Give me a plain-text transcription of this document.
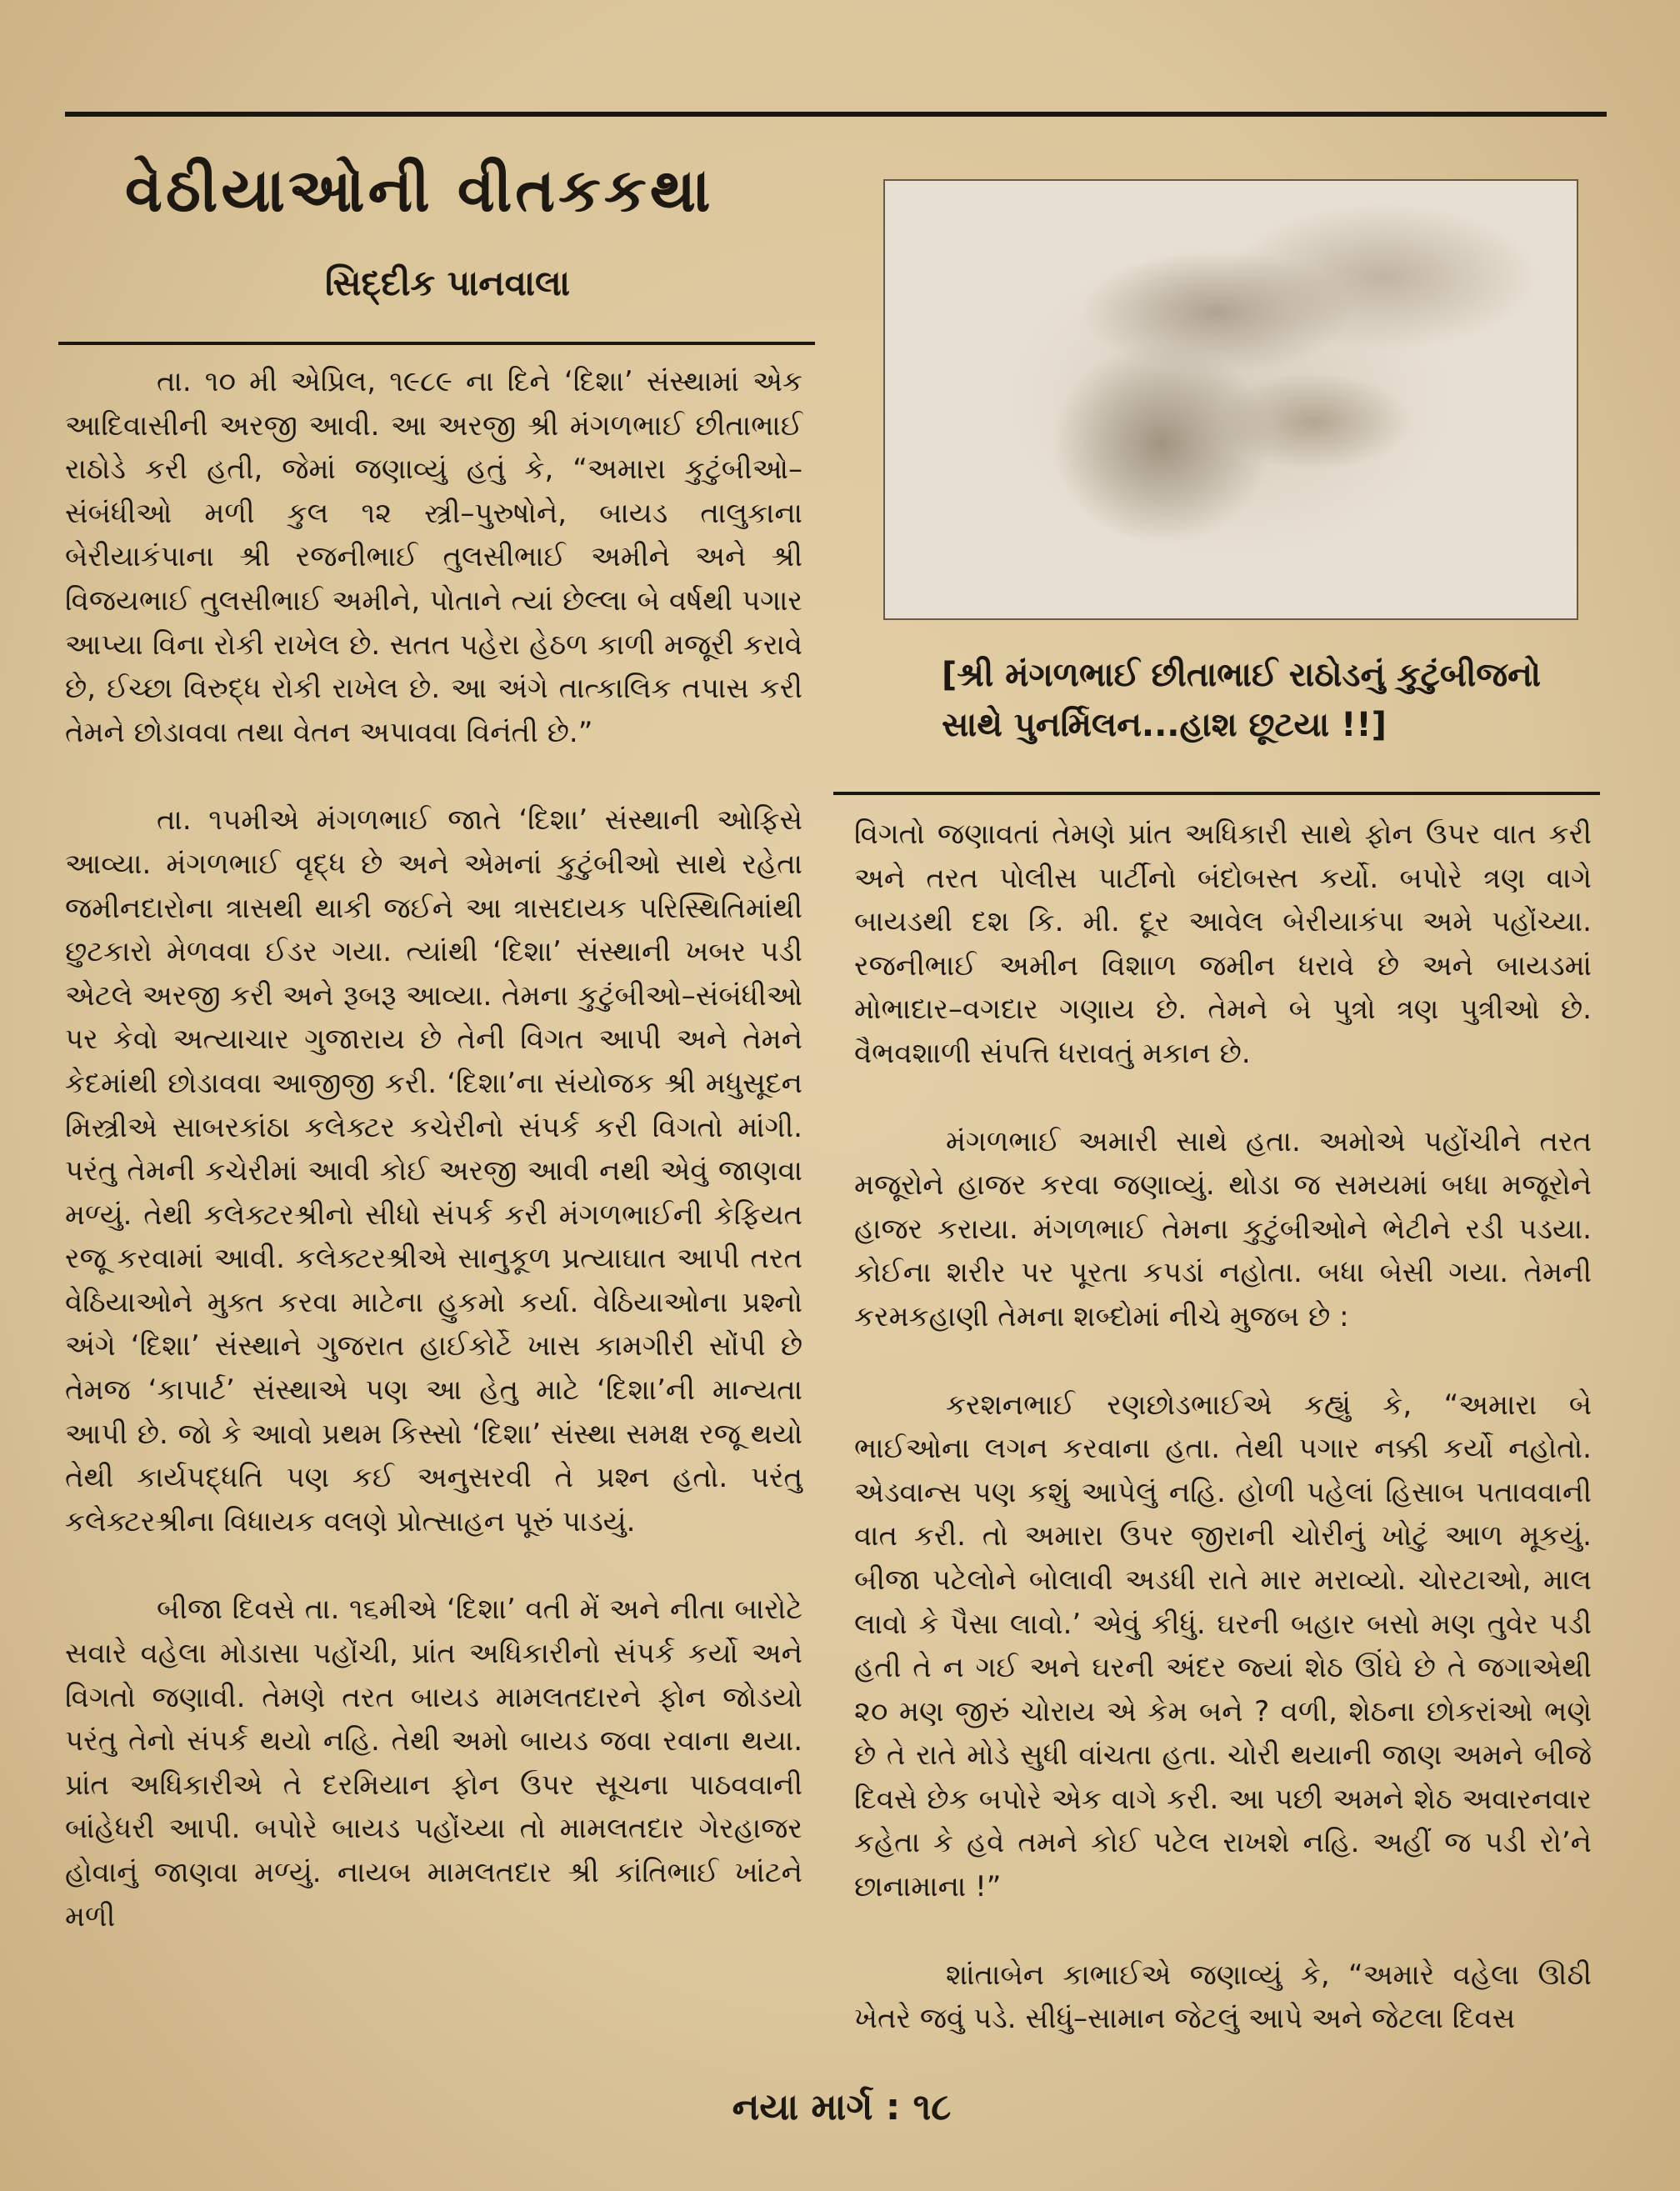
વેઠીયાઓની વીતકકથા
સિદ્દીક પાનવાલા
[શ્રી મંગળભાઈ છીતાભાઈ રાઠોડનું કુટુંબીજનો સાથે પુનર્મિલન...હાશ છૂટયા !!]

તા. ૧૦ મી એપ્રિલ, ૧૯૮૯ ના દિને ‘દિશા’ સંસ્થામાં એક આદિવાસીની અરજી આવી. આ અરજી શ્રી મંગળભાઈ છીતાભાઈ રાઠોડે કરી હતી, જેમાં જણાવ્યું હતું કે, “અમારા કુટુંબીઓ–સંબંધીઓ મળી કુલ ૧૨ સ્ત્રી–પુરુષોને, બાયડ તાલુકાના બેરીયાકંપાના શ્રી રજનીભાઈ તુલસીભાઈ અમીને અને શ્રી વિજયભાઈ તુલસીભાઈ અમીને, પોતાને ત્યાં છેલ્લા બે વર્ષથી પગાર આપ્યા વિના રોકી રાખેલ છે. સતત પહેરા હેઠળ કાળી મજૂરી કરાવે છે, ઈચ્છા વિરુદ્ધ રોકી રાખેલ છે. આ અંગે તાત્કાલિક તપાસ કરી તેમને છોડાવવા તથા વેતન અપાવવા વિનંતી છે.”

તા. ૧૫મીએ મંગળભાઈ જાતે ‘દિશા’ સંસ્થાની ઓફિસે આવ્યા. મંગળભાઈ વૃદ્ધ છે અને એમનાં કુટુંબીઓ સાથે રહેતા જમીનદારોના ત્રાસથી થાકી જઈને આ ત્રાસદાયક પરિસ્થિતિમાંથી છુટકારો મેળવવા ઈડર ગયા. ત્યાંથી ‘દિશા’ સંસ્થાની ખબર પડી એટલે અરજી કરી અને રૂબરૂ આવ્યા. તેમના કુટુંબીઓ–સંબંધીઓ પર કેવો અત્યાચાર ગુજારાય છે તેની વિગત આપી અને તેમને કેદમાંથી છોડાવવા આજીજી કરી. ‘દિશા’ના સંયોજક શ્રી મધુસૂદન મિસ્ત્રીએ સાબરકાંઠા કલેક્ટર કચેરીનો સંપર્ક કરી વિગતો માંગી. પરંતુ તેમની કચેરીમાં આવી કોઈ અરજી આવી નથી એવું જાણવા મળ્યું. તેથી કલેક્ટરશ્રીનો સીધો સંપર્ક કરી મંગળભાઈની કેફિયત રજૂ કરવામાં આવી. કલેક્ટરશ્રીએ સાનુકૂળ પ્રત્યાઘાત આપી તરત વેઠિયાઓને મુક્ત કરવા માટેના હુકમો કર્યા. વેઠિયાઓના પ્રશ્નો અંગે ‘દિશા’ સંસ્થાને ગુજરાત હાઈકોર્ટે ખાસ કામગીરી સોંપી છે તેમજ ‘કાપાર્ટ’ સંસ્થાએ પણ આ હેતુ માટે ‘દિશા’ની માન્યતા આપી છે. જો કે આવો પ્રથમ કિસ્સો ‘દિશા’ સંસ્થા સમક્ષ રજૂ થયો તેથી કાર્યપદ્ધતિ પણ કઈ અનુસરવી તે પ્રશ્ન હતો. પરંતુ કલેક્ટરશ્રીના વિધાયક વલણે પ્રોત્સાહન પૂરું પાડયું.

બીજા દિવસે તા. ૧૬મીએ ‘દિશા’ વતી મેં અને નીતા બારોટે સવારે વહેલા મોડાસા પહોંચી, પ્રાંત અધિકારીનો સંપર્ક કર્યો અને વિગતો જણાવી. તેમણે તરત બાયડ મામલતદારને ફોન જોડયો પરંતુ તેનો સંપર્ક થયો નહિ. તેથી અમો બાયડ જવા રવાના થયા. પ્રાંત અધિકારીએ તે દરમિયાન ફોન ઉપર સૂચના પાઠવવાની બાંહેધરી આપી. બપોરે બાયડ પહોંચ્યા તો મામલતદાર ગેરહાજર હોવાનું જાણવા મળ્યું. નાયબ મામલતદાર શ્રી કાંતિભાઈ ખાંટને મળી

વિગતો જણાવતાં તેમણે પ્રાંત અધિકારી સાથે ફોન ઉપર વાત કરી અને તરત પોલીસ પાર્ટીનો બંદોબસ્ત કર્યો. બપોરે ત્રણ વાગે બાયડથી દશ કિ. મી. દૂર આવેલ બેરીયાકંપા અમે પહોંચ્યા. રજનીભાઈ અમીન વિશાળ જમીન ધરાવે છે અને બાયડમાં મોભાદાર–વગદાર ગણાય છે. તેમને બે પુત્રો ત્રણ પુત્રીઓ છે. વૈભવશાળી સંપત્તિ ધરાવતું મકાન છે.

મંગળભાઈ અમારી સાથે હતા. અમોએ પહોંચીને તરત મજૂરોને હાજર કરવા જણાવ્યું. થોડા જ સમયમાં બધા મજૂરોને હાજર કરાયા. મંગળભાઈ તેમના કુટુંબીઓને ભેટીને રડી પડયા. કોઈના શરીર પર પૂરતા કપડાં નહોતા. બધા બેસી ગયા. તેમની કરમકહાણી તેમના શબ્દોમાં નીચે મુજબ છે :

કરશનભાઈ રણછોડભાઈએ કહ્યું કે, “અમારા બે ભાઈઓના લગન કરવાના હતા. તેથી પગાર નક્કી કર્યો નહોતો. એડવાન્સ પણ કશું આપેલું નહિ. હોળી પહેલાં હિસાબ પતાવવાની વાત કરી. તો અમારા ઉપર જીરાની ચોરીનું ખોટું આળ મૂકયું. બીજા પટેલોને બોલાવી અડધી રાતે માર મરાવ્યો. ચોરટાઓ, માલ લાવો કે પૈસા લાવો.’ એવું કીધું. ઘરની બહાર બસો મણ તુવેર પડી હતી તે ન ગઈ અને ઘરની અંદર જ્યાં શેઠ ઊંઘે છે તે જગાએથી ૨૦ મણ જીરું ચોરાય એ કેમ બને ? વળી, શેઠના છોકરાંઓ ભણે છે તે રાતે મોડે સુધી વાંચતા હતા. ચોરી થયાની જાણ અમને બીજે દિવસે છેક બપોરે એક વાગે કરી. આ પછી અમને શેઠ અવારનવાર કહેતા કે હવે તમને કોઈ પટેલ રાખશે નહિ. અહીં જ પડી રો’ને છાનામાના !”

શાંતાબેન કાભાઈએ જણાવ્યું કે, “અમારે વહેલા ઊઠી ખેતરે જવું પડે. સીધું–સામાન જેટલું આપે અને જેટલા દિવસ

નયા માર્ગ : ૧૮
